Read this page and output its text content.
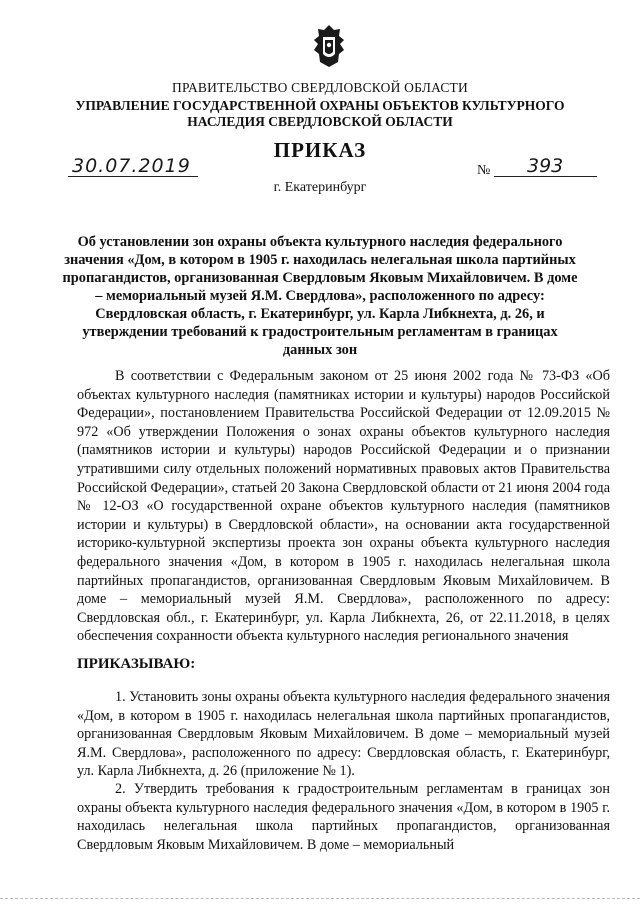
ПРАВИТЕЛЬСТВО СВЕРДЛОВСКОЙ ОБЛАСТИ
УПРАВЛЕНИЕ ГОСУДАРСТВЕННОЙ ОХРАНЫ ОБЪЕКТОВ КУЛЬТУРНОГО НАСЛЕДИЯ СВЕРДЛОВСКОЙ ОБЛАСТИ
ПРИКАЗ
30.07.2019	№ 393
г. Екатеринбург
Об установлении зон охраны объекта культурного наследия федерального значения «Дом, в котором в 1905 г. находилась нелегальная школа партийных пропагандистов, организованная Свердловым Яковым Михайловичем. В доме – мемориальный музей Я.М. Свердлова», расположенного по адресу: Свердловская область, г. Екатеринбург, ул. Карла Либкнехта, д. 26, и утверждении требований к градостроительным регламентам в границах данных зон

В соответствии с Федеральным законом от 25 июня 2002 года № 73-ФЗ «Об объектах культурного наследия (памятниках истории и культуры) народов Российской Федерации», постановлением Правительства Российской Федерации от 12.09.2015 № 972 «Об утверждении Положения о зонах охраны объектов культурного наследия (памятников истории и культуры) народов Российской Федерации и о признании утратившими силу отдельных положений нормативных правовых актов Правительства Российской Федерации», статьей 20 Закона Свердловской области от 21 июня 2004 года № 12-ОЗ «О государственной охране объектов культурного наследия (памятников истории и культуры) в Свердловской области», на основании акта государственной историко-культурной экспертизы проекта зон охраны объекта культурного наследия федерального значения «Дом, в котором в 1905 г. находилась нелегальная школа партийных пропагандистов, организованная Свердловым Яковым Михайловичем. В доме – мемориальный музей Я.М. Свердлова», расположенного по адресу: Свердловская обл., г. Екатеринбург, ул. Карла Либкнехта, 26, от 22.11.2018, в целях обеспечения сохранности объекта культурного наследия регионального значения

ПРИКАЗЫВАЮ:

1. Установить зоны охраны объекта культурного наследия федерального значения «Дом, в котором в 1905 г. находилась нелегальная школа партийных пропагандистов, организованная Свердловым Яковым Михайловичем. В доме – мемориальный музей Я.М. Свердлова», расположенного по адресу: Свердловская область, г. Екатеринбург, ул. Карла Либкнехта, д. 26 (приложение № 1).

2. Утвердить требования к градостроительным регламентам в границах зон охраны объекта культурного наследия федерального значения «Дом, в котором в 1905 г. находилась нелегальная школа партийных пропагандистов, организованная Свердловым Яковым Михайловичем. В доме – мемориальный
